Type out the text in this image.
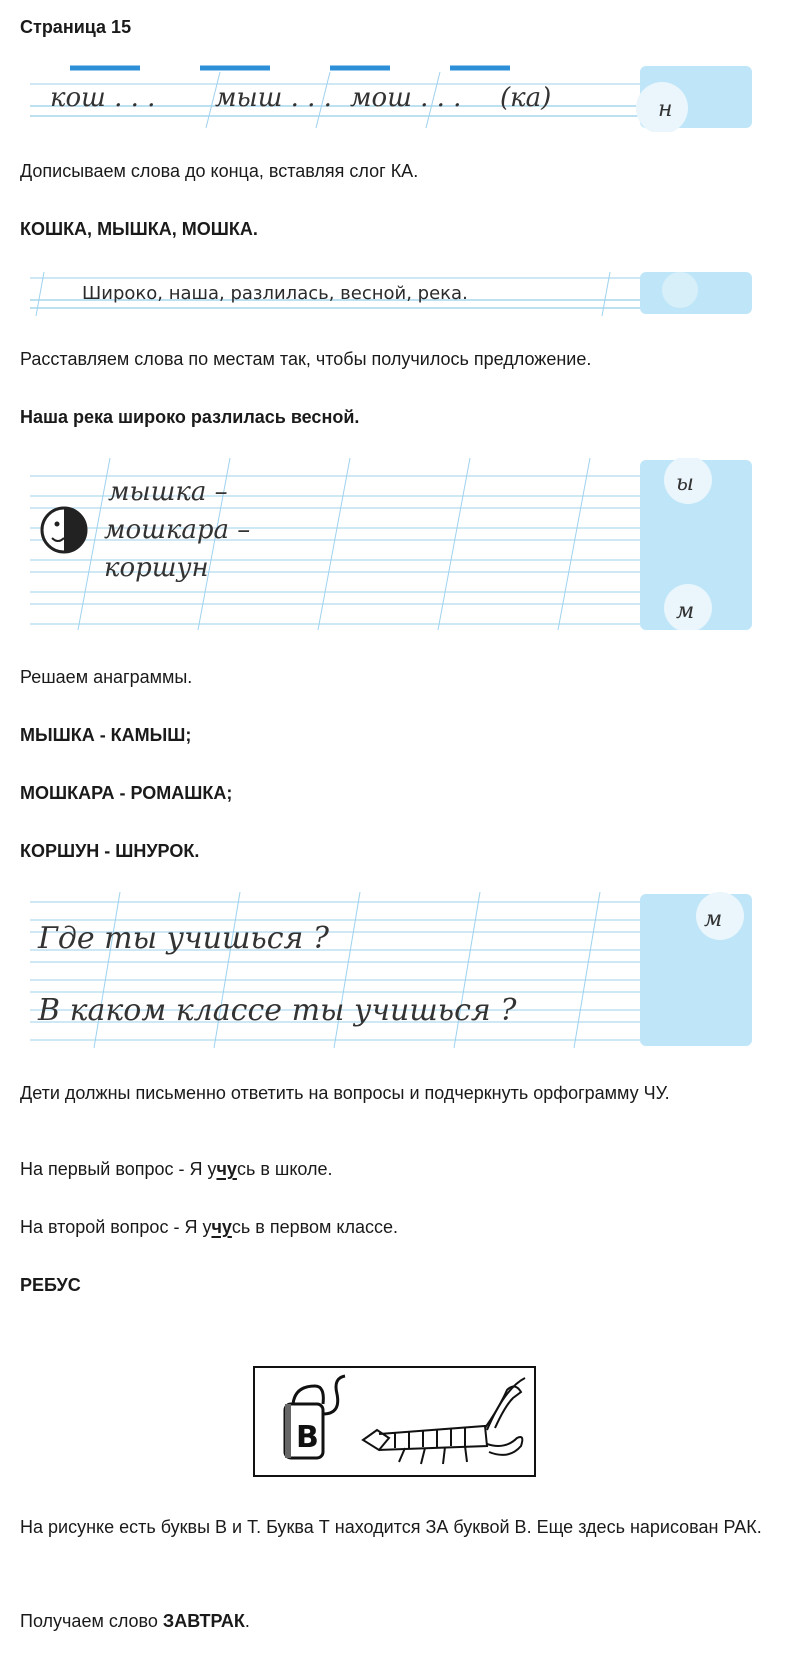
Страница 15
н
кош . . . мыш . . . мош . . . (ка)
Дописываем слова до конца, вставляя слог КА.
КОШКА, МЫШКА, МОШКА.
Широко, наша, разлилась, весной, река.
Расставляем слова по местам так, чтобы получилось предложение.
Наша река широко разлилась весной.
ы
м
мышка –
мошкара –
коршун
Решаем анаграммы.
МЫШКА - КАМЫШ;
МОШКАРА - РОМАШКА;
КОРШУН - ШНУРОК.
м
Где ты учишься ?
В каком классе ты учишься ?
Дети должны письменно ответить на вопросы и подчеркнуть орфограмму ЧУ.
На первый вопрос - Я учусь в школе.
На второй вопрос - Я учусь в первом классе.
РЕБУС
В
На рисунке есть буквы В и Т. Буква Т находится ЗА буквой В. Еще здесь нарисован РАК.
Получаем слово ЗАВТРАК.
